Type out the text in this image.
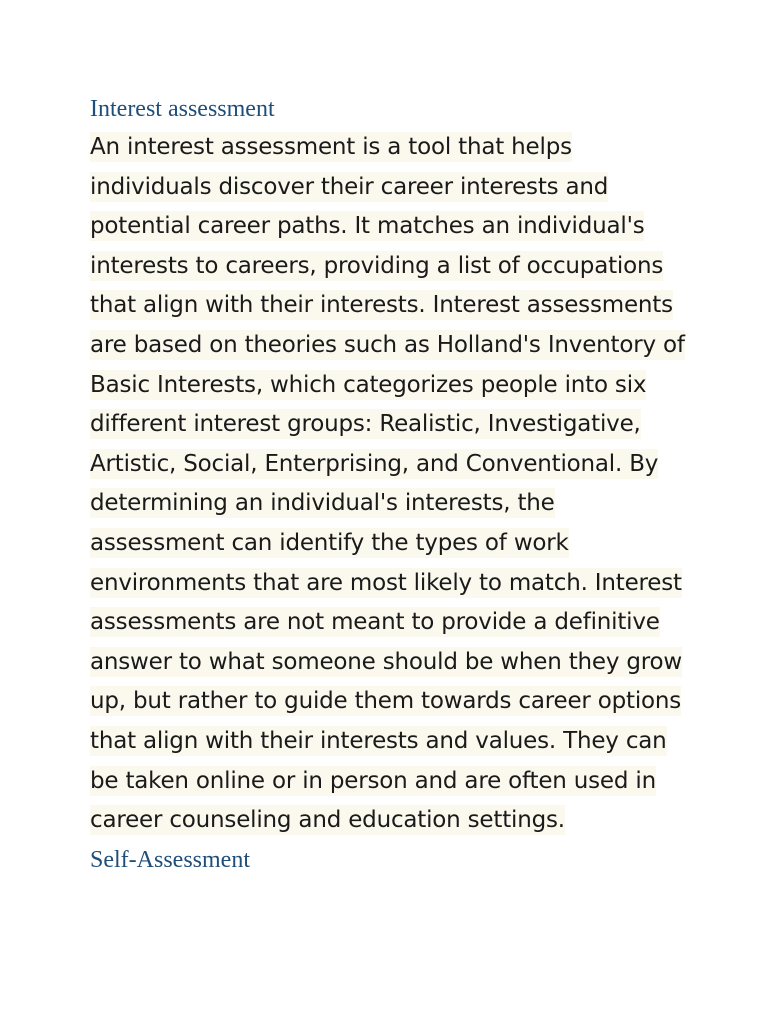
Interest assessment

An interest assessment is a tool that helps individuals discover their career interests and potential career paths. It matches an individual's interests to careers, providing a list of occupations that align with their interests. Interest assessments are based on theories such as Holland's Inventory of Basic Interests, which categorizes people into six different interest groups: Realistic, Investigative, Artistic, Social, Enterprising, and Conventional. By determining an individual's interests, the assessment can identify the types of work environments that are most likely to match. Interest assessments are not meant to provide a definitive answer to what someone should be when they grow up, but rather to guide them towards career options that align with their interests and values. They can be taken online or in person and are often used in career counseling and education settings.

Self-Assessment
